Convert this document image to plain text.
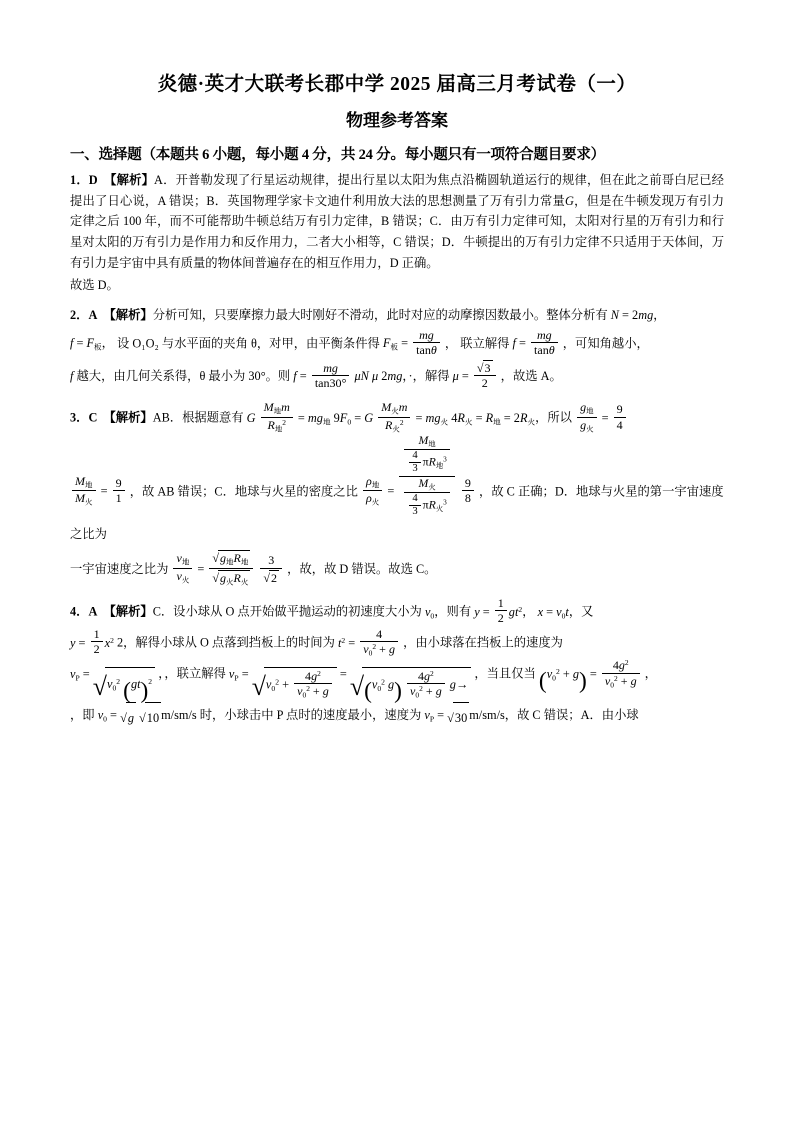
炎德·英才大联考长郡中学 2025 届高三月考试卷（一）
物理参考答案
一、选择题（本题共 6 小题，每小题 4 分，共 24 分。每小题只有一项符合题目要求）
1．D 【解析】A．开普勒发现了行星运动规律，提出行星以太阳为焦点沿椭圆轨道运行的规律，但在此之前哥白尼已经提出了日心说，A 错误；B．英国物理学家卡文迪什利用放大法的思想测量了万有引力常量G，但是在牛顿发现万有引力定律之后 100 年，而不可能帮助牛顿总结万有引力定律，B 错误；C．由万有引力定律可知，太阳对行星的万有引力和行星对太阳的万有引力是作用力和反作用力，二者大小相等，C 错误；D．牛顿提出的万有引力定律不只适用于天体间，万有引力是宇宙中具有质量的物体间普遍存在的相互作用力，D 正确。
故选 D。
2．A 【解析】分析可知，只要摩擦力最大时刚好不滑动，此时对应的动摩擦因数最小。整体分析有 N = 2mg，
$f = F_板$， 设 O₁O₂ 与水平面的夹角 θ，对甲，由平衡条件得 $F_板 = \frac{mg}{\tan\theta}$ ， 联立解得 $f = \frac{mg}{\tan\theta}$ ，可知角越小，
f 越大，由几何关系得，θ 最小为 30°。则 $f = \frac{mg}{\tan 30^\circ}$ μN μ 2mg，·，解得 $\mu = \frac{√3}{2}$ ，故选 A。
3．C 【解析】AB．根据题意有 G $\frac{M_地m}{R_地^2} = mg_地$ $9F_0 = G \frac{M_火m}{R_火^2} = mg_火$ $4R_火 = R_地 = 2R_火$，所以 $\frac{g_地}{g_火} = \frac{9}{4}$
$\frac{M_地}{M_火} = \frac{9}{1}$ ，故 AB 错误；C．地球与火星的密度之比 $\frac{\rho_地}{\rho_火} = \frac{\frac{M_地}{\frac{4}{3} \pi R_地^3}}{\frac{M_火}{\frac{4}{3} \pi R_火^3}}$
$\frac{9}{8}$ ，故 C 正确；D．地球与火星的第一宇宙速度之比为
一宇宙速度之比为 $\frac{v_地}{v_火} = \frac{√g_地R_地}{√g_火R_火}$
$\frac{3}{√2}$ ，故，故 D 错误。故选 C。
4．A 【解析】C．设小球从 O 点开始做平抛运动的初速度大小为 $v_0$，则有 $y = \frac{1}{2} gt^2$， $x = v_0t$，又
$y = \frac{1}{2} x^2$ 2，解得小球从 O 点落到挡板上的时间为 $t^2 = \frac{4}{v_0^2 + g}$ ，由小球落在挡板上的速度为
$v_P = √v_0^2$ (gt)$^2$ ，，联立解得 $v_P = √v_0^2 + \frac{4g^2}{v_0^2 + g} = √(v_0^2$ $g) \frac{4g^2}{v_0^2 + g} g\to$ ，当且仅当 $(v_0^2 + g) = \frac{4g^2}{v_0^2 + g}$ ，
，即 $v_0 = √g$ √10 m/sm/s 时，小球击中 P 点时的速度最小，速度为 $v_P = √30$ m/sm/s，故 C 错误；A．由小球
